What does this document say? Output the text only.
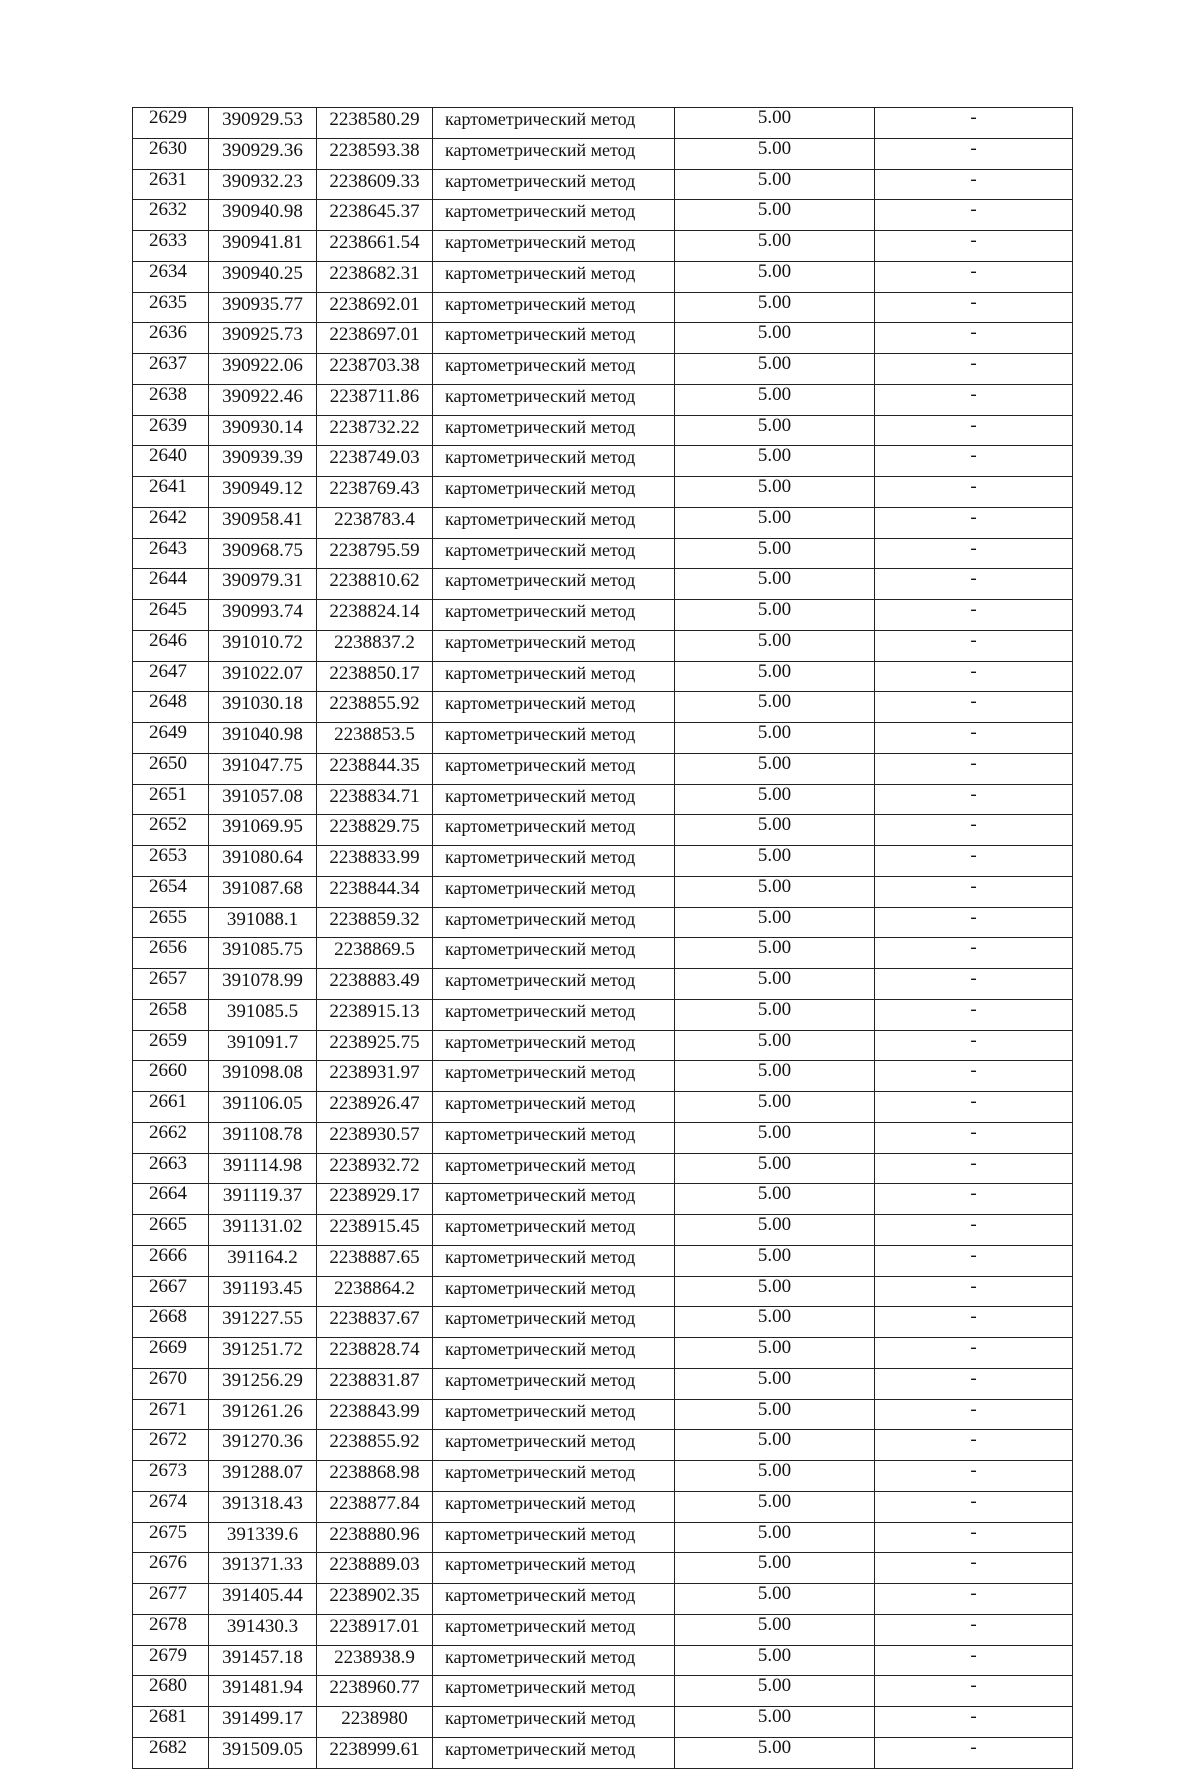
2629	390929.53	2238580.29	картометрический метод	5.00	-
2630	390929.36	2238593.38	картометрический метод	5.00	-
2631	390932.23	2238609.33	картометрический метод	5.00	-
2632	390940.98	2238645.37	картометрический метод	5.00	-
2633	390941.81	2238661.54	картометрический метод	5.00	-
2634	390940.25	2238682.31	картометрический метод	5.00	-
2635	390935.77	2238692.01	картометрический метод	5.00	-
2636	390925.73	2238697.01	картометрический метод	5.00	-
2637	390922.06	2238703.38	картометрический метод	5.00	-
2638	390922.46	2238711.86	картометрический метод	5.00	-
2639	390930.14	2238732.22	картометрический метод	5.00	-
2640	390939.39	2238749.03	картометрический метод	5.00	-
2641	390949.12	2238769.43	картометрический метод	5.00	-
2642	390958.41	2238783.4	картометрический метод	5.00	-
2643	390968.75	2238795.59	картометрический метод	5.00	-
2644	390979.31	2238810.62	картометрический метод	5.00	-
2645	390993.74	2238824.14	картометрический метод	5.00	-
2646	391010.72	2238837.2	картометрический метод	5.00	-
2647	391022.07	2238850.17	картометрический метод	5.00	-
2648	391030.18	2238855.92	картометрический метод	5.00	-
2649	391040.98	2238853.5	картометрический метод	5.00	-
2650	391047.75	2238844.35	картометрический метод	5.00	-
2651	391057.08	2238834.71	картометрический метод	5.00	-
2652	391069.95	2238829.75	картометрический метод	5.00	-
2653	391080.64	2238833.99	картометрический метод	5.00	-
2654	391087.68	2238844.34	картометрический метод	5.00	-
2655	391088.1	2238859.32	картометрический метод	5.00	-
2656	391085.75	2238869.5	картометрический метод	5.00	-
2657	391078.99	2238883.49	картометрический метод	5.00	-
2658	391085.5	2238915.13	картометрический метод	5.00	-
2659	391091.7	2238925.75	картометрический метод	5.00	-
2660	391098.08	2238931.97	картометрический метод	5.00	-
2661	391106.05	2238926.47	картометрический метод	5.00	-
2662	391108.78	2238930.57	картометрический метод	5.00	-
2663	391114.98	2238932.72	картометрический метод	5.00	-
2664	391119.37	2238929.17	картометрический метод	5.00	-
2665	391131.02	2238915.45	картометрический метод	5.00	-
2666	391164.2	2238887.65	картометрический метод	5.00	-
2667	391193.45	2238864.2	картометрический метод	5.00	-
2668	391227.55	2238837.67	картометрический метод	5.00	-
2669	391251.72	2238828.74	картометрический метод	5.00	-
2670	391256.29	2238831.87	картометрический метод	5.00	-
2671	391261.26	2238843.99	картометрический метод	5.00	-
2672	391270.36	2238855.92	картометрический метод	5.00	-
2673	391288.07	2238868.98	картометрический метод	5.00	-
2674	391318.43	2238877.84	картометрический метод	5.00	-
2675	391339.6	2238880.96	картометрический метод	5.00	-
2676	391371.33	2238889.03	картометрический метод	5.00	-
2677	391405.44	2238902.35	картометрический метод	5.00	-
2678	391430.3	2238917.01	картометрический метод	5.00	-
2679	391457.18	2238938.9	картометрический метод	5.00	-
2680	391481.94	2238960.77	картометрический метод	5.00	-
2681	391499.17	2238980	картометрический метод	5.00	-
2682	391509.05	2238999.61	картометрический метод	5.00	-
